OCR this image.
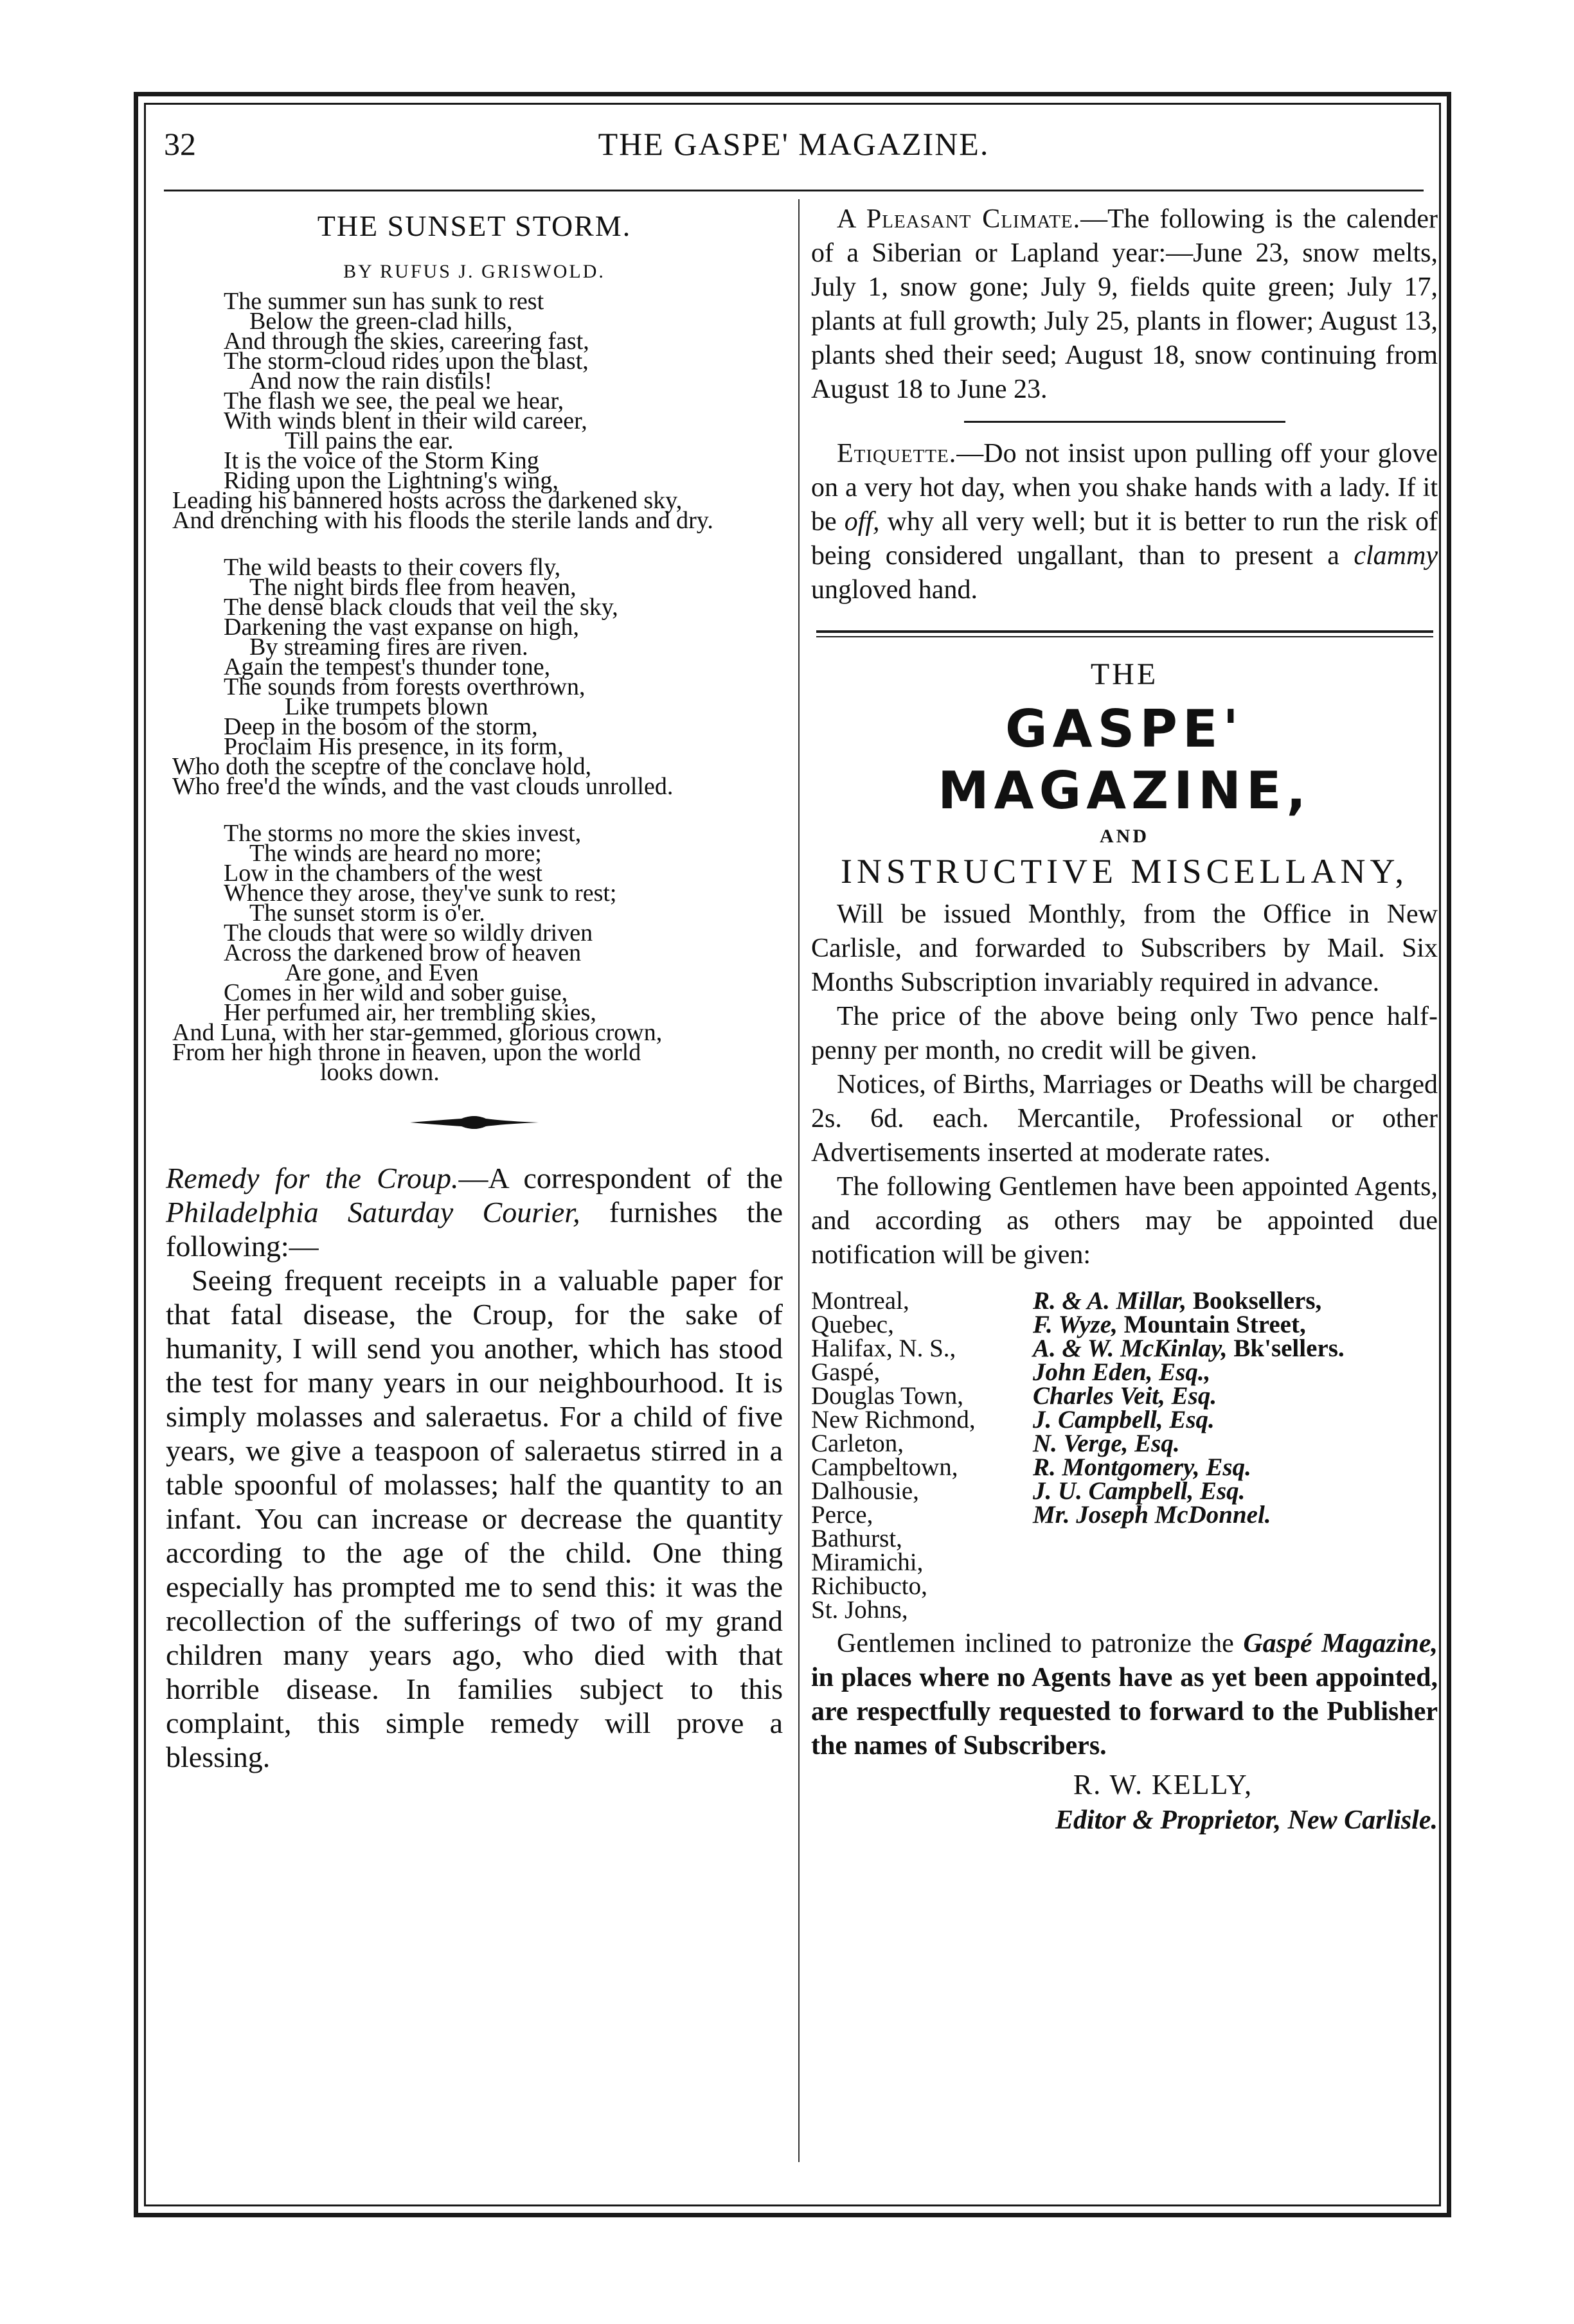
THE GASPE' MAGAZINE.
32
THE SUNSET STORM.
BY RUFUS J. GRISWOLD.
The summer sun has sunk to rest
Below the green-clad hills,
And through the skies, careering fast,
The storm-cloud rides upon the blast,
And now the rain distils!
The flash we see, the peal we hear,
With winds blent in their wild career,
Till pains the ear.
It is the voice of the Storm King
Riding upon the Lightning's wing,
Leading his bannered hosts across the darkened sky,
And drenching with his floods the sterile lands and dry.
The wild beasts to their covers fly,
The night birds flee from heaven,
The dense black clouds that veil the sky,
Darkening the vast expanse on high,
By streaming fires are riven.
Again the tempest's thunder tone,
The sounds from forests overthrown,
Like trumpets blown
Deep in the bosom of the storm,
Proclaim His presence, in its form,
Who doth the sceptre of the conclave hold,
Who free'd the winds, and the vast clouds unrolled.
The storms no more the skies invest,
The winds are heard no more;
Low in the chambers of the west
Whence they arose, they've sunk to rest;
The sunset storm is o'er.
The clouds that were so wildly driven
Across the darkened brow of heaven
Are gone, and Even
Comes in her wild and sober guise,
Her perfumed air, her trembling skies,
And Luna, with her star-gemmed, glorious crown,
From her high throne in heaven, upon the world
looks down.

Remedy for the Croup.—A correspondent of the Philadelphia Saturday Courier, furnishes the following:—

Seeing frequent receipts in a valuable paper for that fatal disease, the Croup, for the sake of humanity, I will send you another, which has stood the test for many years in our neighbourhood. It is simply molasses and saleraetus. For a child of five years, we give a teaspoon of saleraetus stirred in a table spoonful of molasses; half the quantity to an infant. You can increase or decrease the quantity according to the age of the child. One thing especially has prompted me to send this: it was the recollection of the sufferings of two of my grand children many years ago, who died with that horrible disease. In families subject to this complaint, this simple remedy will prove a blessing.

A Pleasant Climate.—The following is the calender of a Siberian or Lapland year:—June 23, snow melts, July 1, snow gone; July 9, fields quite green; July 17, plants at full growth; July 25, plants in flower; August 13, plants shed their seed; August 18, snow continuing from August 18 to June 23.

Etiquette.—Do not insist upon pulling off your glove on a very hot day, when you shake hands with a lady. If it be off, why all very well; but it is better to run the risk of being considered ungallant, than to present a clammy ungloved hand.

THE
GASPE' MAGAZINE,
AND
INSTRUCTIVE MISCELLANY,

Will be issued Monthly, from the Office in New Carlisle, and forwarded to Subscribers by Mail. Six Months Subscription invariably required in advance.

The price of the above being only Two pence half-penny per month, no credit will be given.

Notices, of Births, Marriages or Deaths will be charged 2s. 6d. each. Mercantile, Professional or other Advertisements inserted at moderate rates.

The following Gentlemen have been appointed Agents, and according as others may be appointed due notification will be given:

Montreal,	R. & A. Millar, Booksellers,
Quebec,	F. Wyze, Mountain Street,
Halifax, N. S.,	A. & W. McKinlay, Bk'sellers.
Gaspé,	John Eden, Esq.,
Douglas Town,	Charles Veit, Esq.
New Richmond,	J. Campbell, Esq.
Carleton,	N. Verge, Esq.
Campbeltown,	R. Montgomery, Esq.
Dalhousie,	J. U. Campbell, Esq.
Perce,	Mr. Joseph McDonnel.
Bathurst,	
Miramichi,	
Richibucto,	
St. Johns,	

Gentlemen inclined to patronize the Gaspé Magazine, in places where no Agents have as yet been appointed, are respectfully requested to forward to the Publisher the names of Subscribers.

R. W. KELLY,
Editor & Proprietor, New Carlisle.
